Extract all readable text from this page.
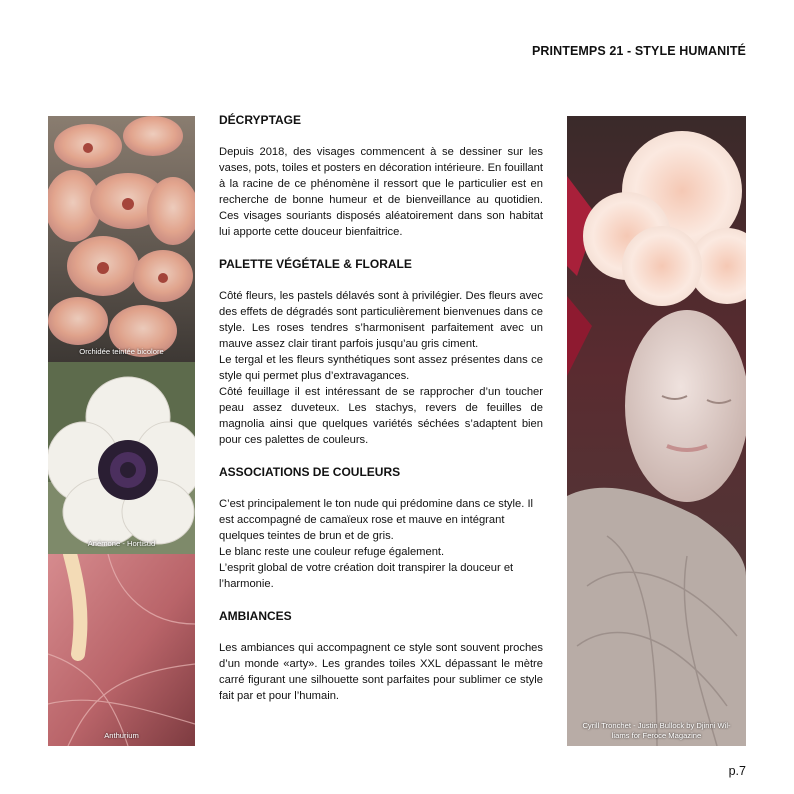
PRINTEMPS 21 - STYLE HUMANITÉ
Orchidée teintée bicolore
Anémone - Hortisud
Anthurium
DÉCRYPTAGE

Depuis 2018, des visages commencent à se dessiner sur les vases, pots, toiles et posters en décoration intérieure. En fouillant à la racine de ce phénomène il ressort que le particulier est en recherche de bonne humeur et de bienveillance au quotidien. Ces visages souriants disposés aléatoirement dans son habitat lui apporte cette douceur bienfaitrice.

PALETTE VÉGÉTALE & FLORALE

Côté fleurs, les pastels délavés sont à privilégier. Des fleurs avec des effets de dégradés sont particulièrement bienvenues dans ce style. Les roses tendres s’harmonisent parfaitement avec un mauve assez clair tirant parfois jusqu’au gris ciment.

Le tergal et les fleurs synthétiques sont assez présentes dans ce style qui permet plus d’extravagances.

Côté feuillage il est intéressant de se rapprocher d’un toucher peau assez duveteux. Les stachys, revers de feuilles de magnolia ainsi que quelques variétés séchées s’adaptent bien pour ces palettes de couleurs.

ASSOCIATIONS DE COULEURS

C’est principalement le ton nude qui prédomine dans ce style. Il est accompagné de camaïeux rose et mauve en intégrant quelques teintes de brun et de gris.

Le blanc reste une couleur refuge également.

L’esprit global de votre création doit transpirer la douceur et l’harmonie.

AMBIANCES

Les ambiances qui accompagnent ce style sont souvent proches d’un monde «arty». Les grandes toiles XXL dépassant le mètre carré figurant une silhouette sont parfaites pour sublimer ce style fait par et pour l’humain.

Cyrill Tronchet - Justin Bullock by Djinni Wil-
liams for Feroce Magazine
p.7
